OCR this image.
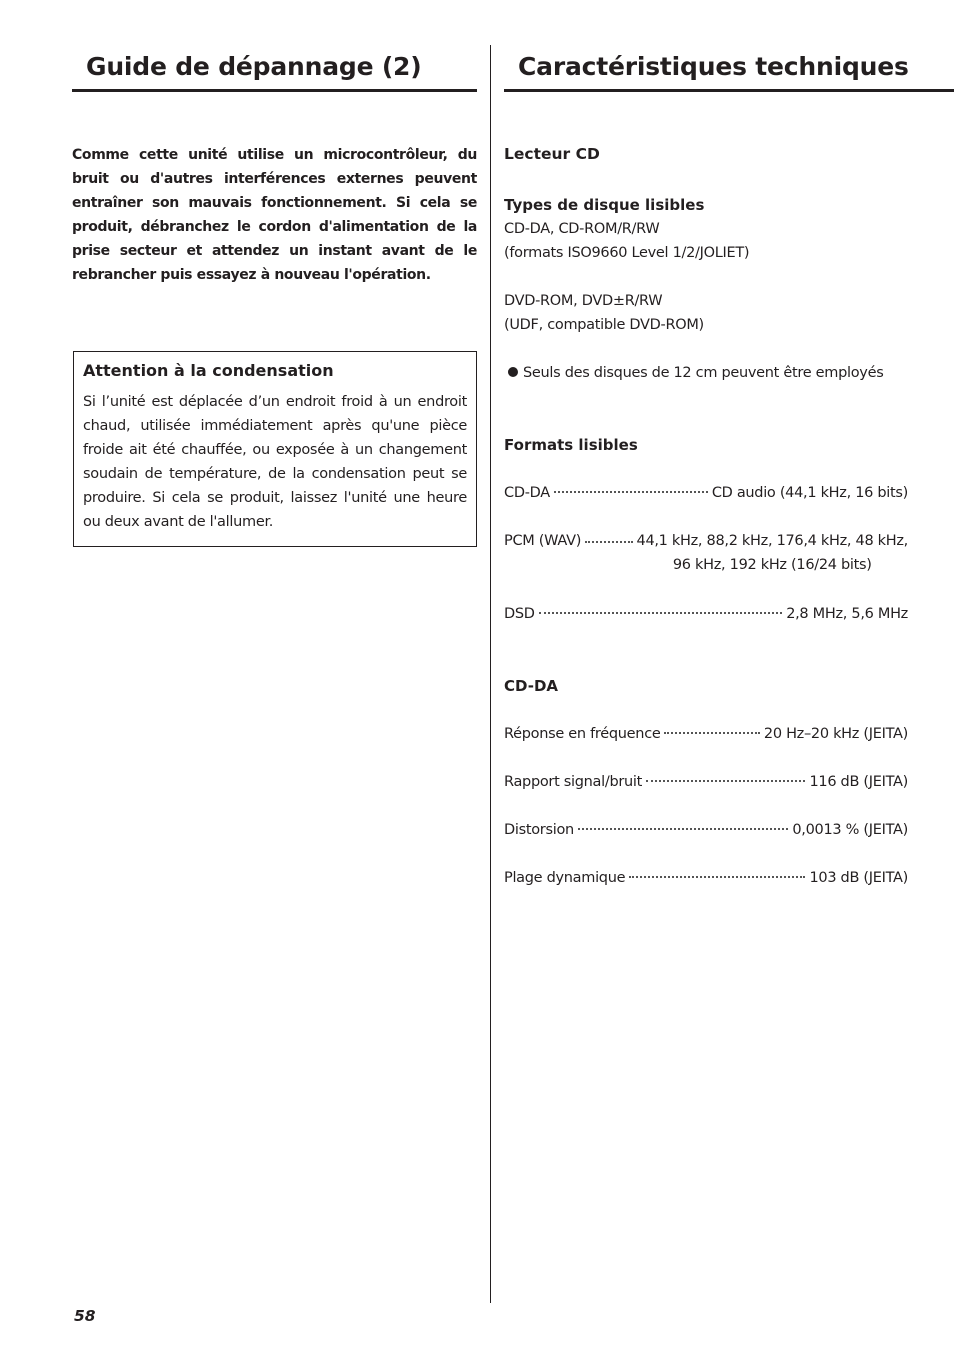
Guide de dépannage (2)

Comme cette unité utilise un microcontrôleur, du bruit ou d'autres interférences externes peuvent entraîner son mauvais fonctionnement. Si cela se produit, débranchez le cordon d'alimentation de la prise secteur et attendez un instant avant de le rebrancher puis essayez à nouveau l'opération.

Attention à la condensation

Si l’unité est déplacée d’un endroit froid à un endroit chaud, utilisée immédiatement après qu'une pièce froide ait été chauffée, ou exposée à un changement soudain de température, de la condensation peut se produire. Si cela se produit, laissez l'unité une heure ou deux avant de l'allumer.

Caractéristiques techniques

Lecteur CD

Types de disque lisibles

CD-DA, CD-ROM/R/RW

(formats ISO9660 Level 1/2/JOLIET)

DVD-ROM, DVD±R/RW

(UDF, compatible DVD-ROM)

Seuls des disques de 12 cm peuvent être employés

Formats lisibles

CD-DA	CD audio (44,1 kHz, 16 bits)
PCM (WAV)	44,1 kHz, 88,2 kHz, 176,4 kHz, 48 kHz,
96 kHz, 192 kHz (16/24 bits)
DSD	2,8 MHz, 5,6 MHz

CD-DA

Réponse en fréquence	20 Hz–20 kHz (JEITA)
Rapport signal/bruit	116 dB (JEITA)
Distorsion	0,0013 % (JEITA)
Plage dynamique	103 dB (JEITA)

58
